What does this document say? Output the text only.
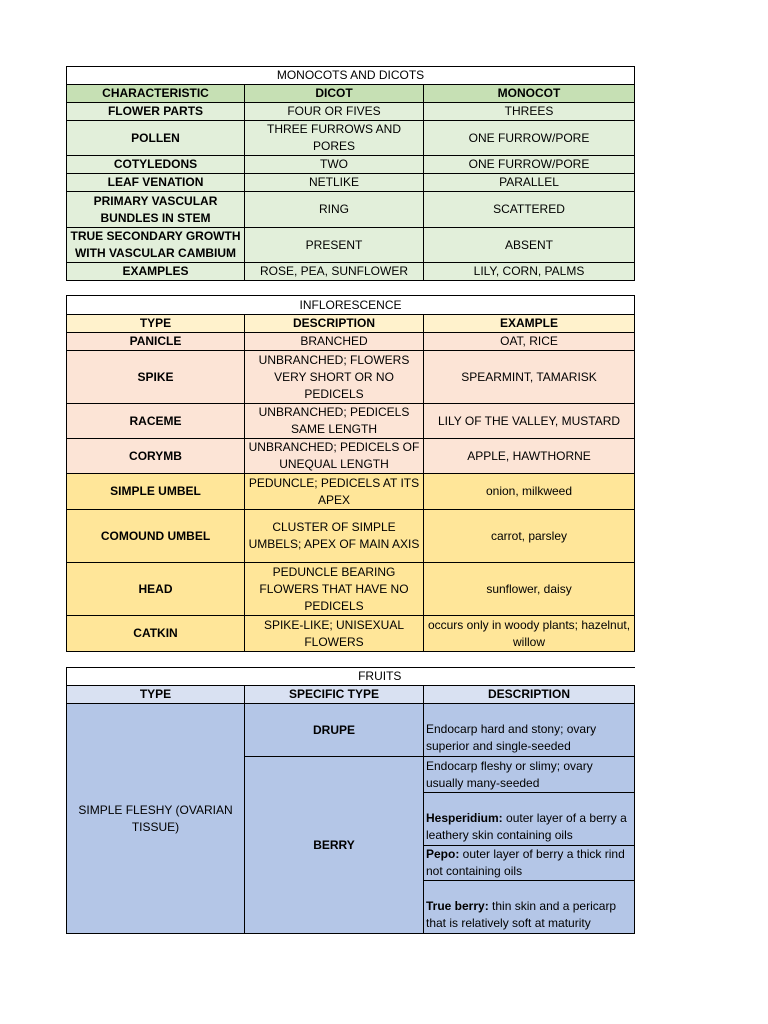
MONOCOTS AND DICOTS		
CHARACTERISTIC	DICOT	MONOCOT
FLOWER PARTS	FOUR OR FIVES	THREES
POLLEN	THREE FURROWS AND PORES	ONE FURROW/PORE
COTYLEDONS	TWO	ONE FURROW/PORE
LEAF VENATION	NETLIKE	PARALLEL
PRIMARY VASCULAR BUNDLES IN STEM	RING	SCATTERED
TRUE SECONDARY GROWTH WITH VASCULAR CAMBIUM	PRESENT	ABSENT
EXAMPLES	ROSE, PEA, SUNFLOWER	LILY, CORN, PALMS
INFLORESCENCE		
TYPE	DESCRIPTION	EXAMPLE
PANICLE	BRANCHED	OAT, RICE
SPIKE	UNBRANCHED; FLOWERS VERY SHORT OR NO PEDICELS	SPEARMINT, TAMARISK
RACEME	UNBRANCHED; PEDICELS SAME LENGTH	LILY OF THE VALLEY, MUSTARD
CORYMB	UNBRANCHED; PEDICELS OF UNEQUAL LENGTH	APPLE, HAWTHORNE
SIMPLE UMBEL	PEDUNCLE; PEDICELS AT ITS APEX	onion, milkweed
COMOUND UMBEL	CLUSTER OF SIMPLE UMBELS; APEX OF MAIN AXIS	carrot, parsley
HEAD	PEDUNCLE BEARING FLOWERS THAT HAVE NO PEDICELS	sunflower, daisy
CATKIN	SPIKE-LIKE; UNISEXUAL FLOWERS	occurs only in woody plants; hazelnut, willow
FRUITS		
TYPE	SPECIFIC TYPE	DESCRIPTION
SIMPLE FLESHY (OVARIAN TISSUE)	DRUPE	Endocarp hard and stony; ovary superior and single-seeded
	BERRY	Endocarp fleshy or slimy; ovary usually many-seeded
		Hesperidium: outer layer of a berry a leathery skin containing oils
		Pepo: outer layer of berry a thick rind not containing oils
		True berry: thin skin and a pericarp that is relatively soft at maturity
